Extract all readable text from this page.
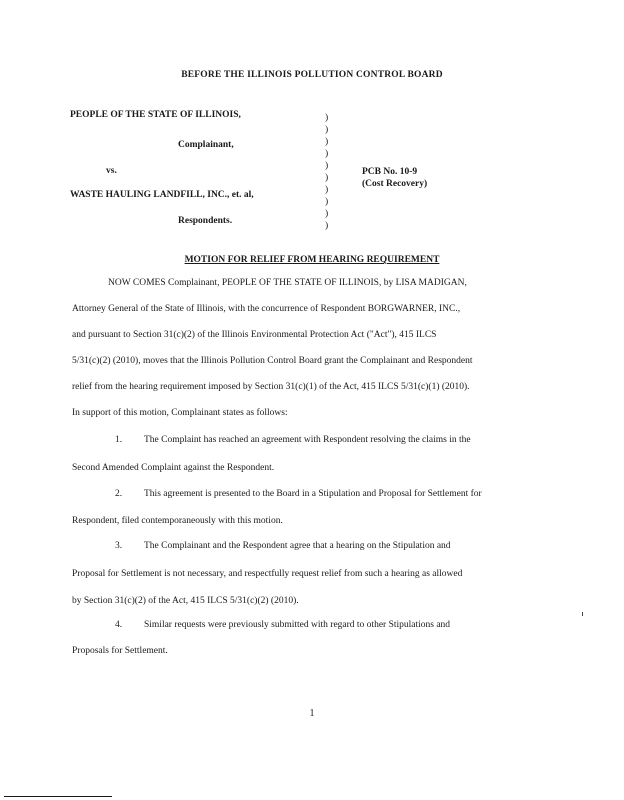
BEFORE THE ILLINOIS POLLUTION CONTROL BOARD
PEOPLE OF THE STATE OF ILLINOIS,
Complainant,
vs.
WASTE HAULING LANDFILL, INC., et. al,
Respondents.
)
)
)
)
)
)
)
)
)
)
PCB No. 10-9
(Cost Recovery)
MOTION FOR RELIEF FROM HEARING REQUIREMENT
NOW COMES Complainant, PEOPLE OF THE STATE OF ILLINOIS, by LISA MADIGAN,
Attorney General of the State of Illinois, with the concurrence of Respondent BORGWARNER, INC.,
and pursuant to Section 31(c)(2) of the Illinois Environmental Protection Act ("Act"), 415 ILCS
5/31(c)(2) (2010), moves that the Illinois Pollution Control Board grant the Complainant and Respondent
relief from the hearing requirement imposed by Section 31(c)(1) of the Act, 415 ILCS 5/31(c)(1) (2010).
In support of this motion, Complainant states as follows:
1. The Complaint has reached an agreement with Respondent resolving the claims in the
Second Amended Complaint against the Respondent.
2. This agreement is presented to the Board in a Stipulation and Proposal for Settlement for
Respondent, filed contemporaneously with this motion.
3. The Complainant and the Respondent agree that a hearing on the Stipulation and
Proposal for Settlement is not necessary, and respectfully request relief from such a hearing as allowed
by Section 31(c)(2) of the Act, 415 ILCS 5/31(c)(2) (2010).
4. Similar requests were previously submitted with regard to other Stipulations and
Proposals for Settlement.
1
